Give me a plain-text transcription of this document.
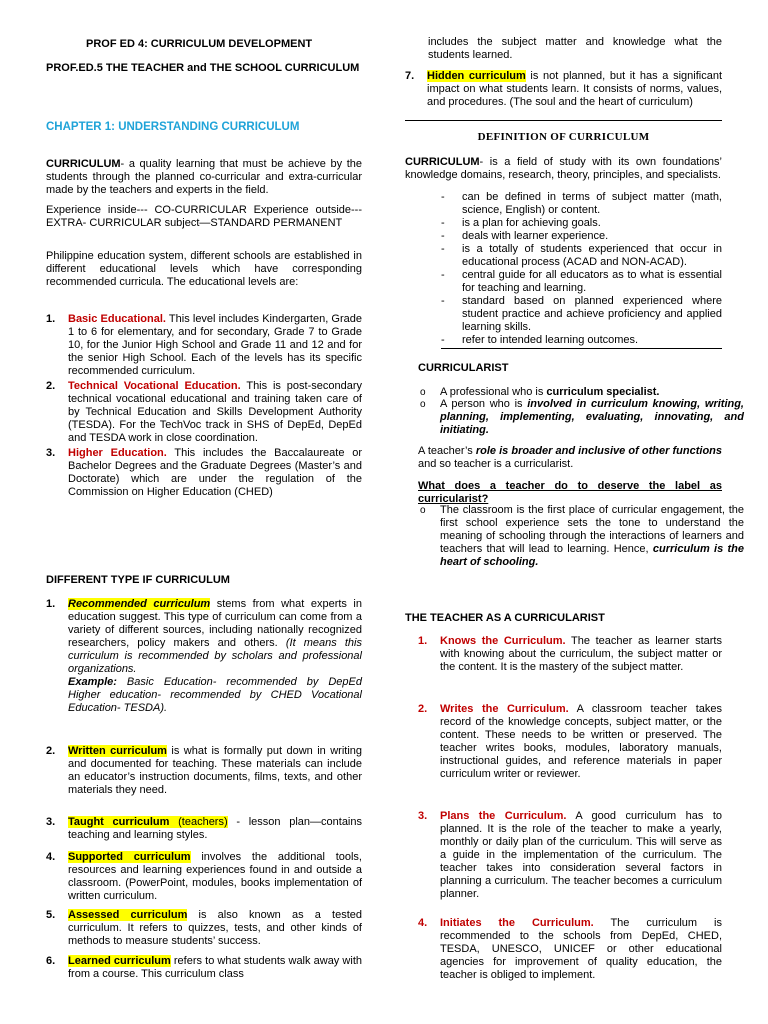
PROF ED 4: CURRICULUM DEVELOPMENT

PROF.ED.5 THE TEACHER and THE SCHOOL CURRICULUM

CHAPTER 1: UNDERSTANDING CURRICULUM

CURRICULUM- a quality learning that must be achieve by the students through the planned co-curricular and extra-curricular made by the teachers and experts in the field.

Experience inside--- CO-CURRICULAR Experience outside--- EXTRA- CURRICULAR subject—STANDARD PERMANENT

Philippine education system, different schools are established in different educational levels which have corresponding recommended curricula. The educational levels are:

1. Basic Educational. This level includes Kindergarten, Grade 1 to 6 for elementary, and for secondary, Grade 7 to Grade 10, for the Junior High School and Grade 11 and 12 and for the senior High School. Each of the levels has its specific recommended curriculum.
2. Technical Vocational Education. This is post-secondary technical vocational educational and training taken care of by Technical Education and Skills Development Authority (TESDA). For the TechVoc track in SHS of DepEd, DepEd and TESDA work in close coordination.
3. Higher Education. This includes the Baccalaureate or Bachelor Degrees and the Graduate Degrees (Master’s and Doctorate) which are under the regulation of the Commission on Higher Education (CHED)

DIFFERENT TYPE IF CURRICULUM

1. Recommended curriculum stems from what experts in education suggest. This type of curriculum can come from a variety of different sources, including nationally recognized researchers, policy makers and others. (It means this curriculum is recommended by scholars and professional organizations.
Example: Basic Education- recommended by DepEd Higher education- recommended by CHED Vocational Education- TESDA).
2. Written curriculum is what is formally put down in writing and documented for teaching. These materials can include an educator’s instruction documents, films, texts, and other materials they need.
3. Taught curriculum (teachers) - lesson plan—contains teaching and learning styles.
4. Supported curriculum involves the additional tools, resources and learning experiences found in and outside a classroom. (PowerPoint, modules, books implementation of written curriculum.
5. Assessed curriculum is also known as a tested curriculum. It refers to quizzes, tests, and other kinds of methods to measure students’ success.
6. Learned curriculum refers to what students walk away with from a course. This curriculum class

includes the subject matter and knowledge what the students learned.

7. Hidden curriculum is not planned, but it has a significant impact on what students learn. It consists of norms, values, and procedures. (The soul and the heart of curriculum)

DEFINITION OF CURRICULUM

CURRICULUM- is a field of study with its own foundations’ knowledge domains, research, theory, principles, and specialists.

- can be defined in terms of subject matter (math, science, English) or content.
- is a plan for achieving goals.
- deals with learner experience.
- is a totally of students experienced that occur in educational process (ACAD and NON-ACAD).
- central guide for all educators as to what is essential for teaching and learning.
- standard based on planned experienced where student practice and achieve proficiency and applied learning skills.
- refer to intended learning outcomes.

CURRICULARIST

o A professional who is curriculum specialist.
o A person who is involved in curriculum knowing, writing, planning, implementing, evaluating, innovating, and initiating.

A teacher’s role is broader and inclusive of other functions and so teacher is a curricularist.

What does a teacher do to deserve the label as curricularist?

o The classroom is the first place of curricular engagement, the first school experience sets the tone to understand the meaning of schooling through the interactions of learners and teachers that will lead to learning. Hence, curriculum is the heart of schooling.

THE TEACHER AS A CURRICULARIST

1. Knows the Curriculum. The teacher as learner starts with knowing about the curriculum, the subject matter or the content. It is the mastery of the subject matter.
2. Writes the Curriculum. A classroom teacher takes record of the knowledge concepts, subject matter, or the content. These needs to be written or preserved. The teacher writes books, modules, laboratory manuals, instructional guides, and reference materials in paper curriculum writer or reviewer.
3. Plans the Curriculum. A good curriculum has to planned. It is the role of the teacher to make a yearly, monthly or daily plan of the curriculum. This will serve as a guide in the implementation of the curriculum. The teacher takes into consideration several factors in planning a curriculum. The teacher becomes a curriculum planner.
4. Initiates the Curriculum. The curriculum is recommended to the schools from DepEd, CHED, TESDA, UNESCO, UNICEF or other educational agencies for improvement of quality education, the teacher is obliged to implement.
